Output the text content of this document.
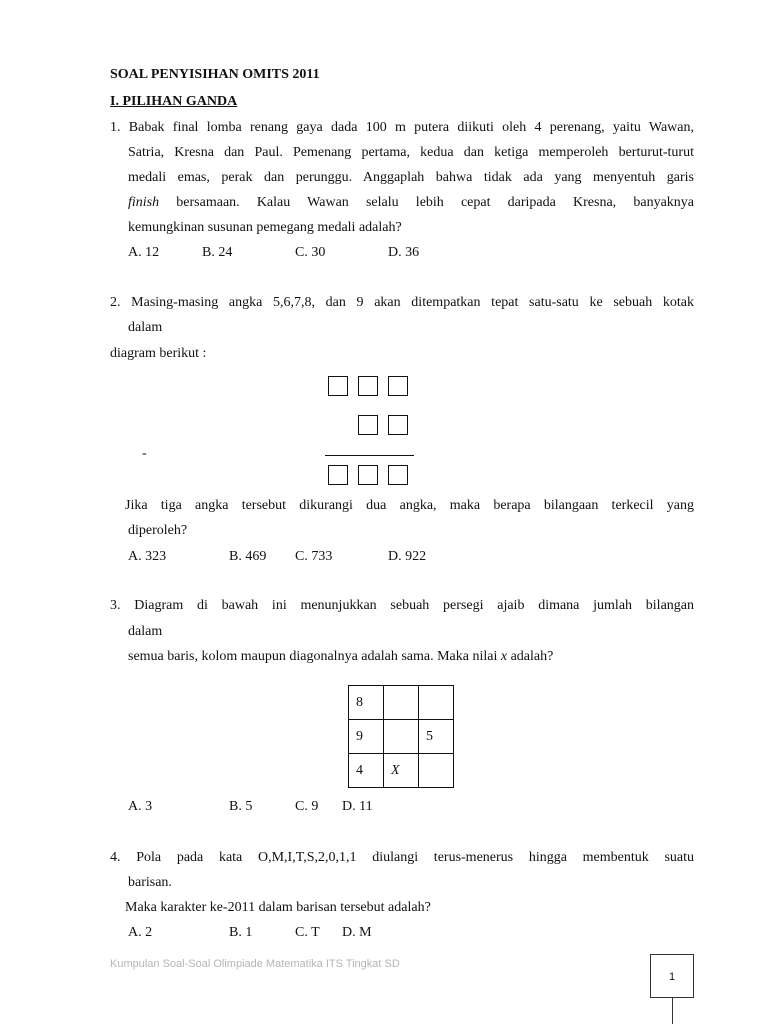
SOAL PENYISIHAN OMITS 2011
I. PILIHAN GANDA
1. Babak final lomba renang gaya dada 100 m putera diikuti oleh 4 perenang, yaitu Wawan,
Satria, Kresna dan Paul. Pemenang pertama, kedua dan ketiga memperoleh berturut-turut
medali emas, perak dan perunggu. Anggaplah bahwa tidak ada yang menyentuh garis
finish bersamaan. Kalau Wawan selalu lebih cepat daripada Kresna, banyaknya
kemungkinan susunan pemegang medali adalah?
A. 12	B. 24	C. 30	D. 36
2. Masing-masing angka 5,6,7,8, dan 9 akan ditempatkan tepat satu-satu ke sebuah kotak
dalam
diagram berikut :
-
Jika tiga angka tersebut dikurangi dua angka, maka berapa bilangaan terkecil yang
diperoleh?
A. 323	B. 469 C. 733	D. 922
3. Diagram di bawah ini menunjukkan sebuah persegi ajaib dimana jumlah bilangan
dalam
semua baris, kolom maupun diagonalnya adalah sama. Maka nilai x adalah?
8		
9		5
4	X	
A. 3	B. 5	C. 9 D. 11
4. Pola pada kata O,M,I,T,S,2,0,1,1 diulangi terus-menerus hingga membentuk suatu
barisan.
Maka karakter ke-2011 dalam barisan tersebut adalah?
A. 2	B. 1	C. T D. M
Kumpulan Soal-Soal Olimpiade Matematika ITS Tingkat SD
1
